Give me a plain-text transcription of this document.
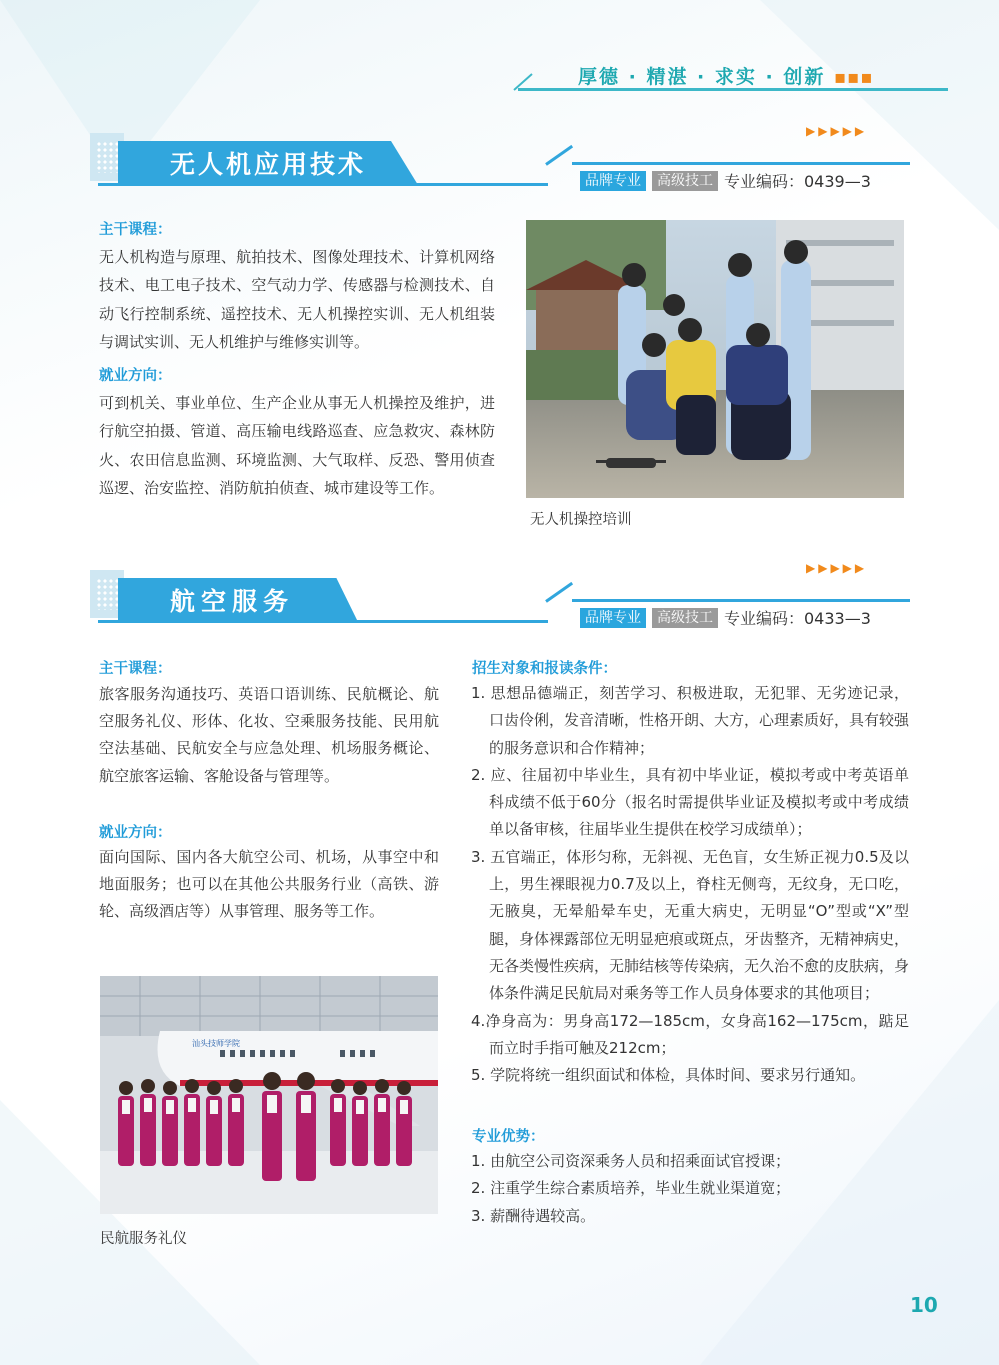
厚德 · 精湛 · 求实 · 创新 ▪▪▪
无人机应用技术
▶▶▶▶▶
品牌专业	高级技工 专业编码：0439—3
主干课程：
无人机构造与原理、航拍技术、图像处理技术、计算机网络技术、电工电子技术、空气动力学、传感器与检测技术、自动飞行控制系统、遥控技术、无人机操控实训、无人机组装与调试实训、无人机维护与维修实训等。
就业方向：
可到机关、事业单位、生产企业从事无人机操控及维护，进行航空拍摄、管道、高压输电线路巡查、应急救灾、森林防火、农田信息监测、环境监测、大气取样、反恐、警用侦查巡逻、治安监控、消防航拍侦查、城市建设等工作。
无人机操控培训
航空服务
▶▶▶▶▶
品牌专业	高级技工 专业编码：0433—3
主干课程：
旅客服务沟通技巧、英语口语训练、民航概论、航空服务礼仪、形体、化妆、空乘服务技能、民用航空法基础、民航安全与应急处理、机场服务概论、航空旅客运输、客舱设备与管理等。
就业方向：
面向国际、国内各大航空公司、机场，从事空中和地面服务；也可以在其他公共服务行业（高铁、游轮、高级酒店等）从事管理、服务等工作。
汕头技师学院
民航服务礼仪
招生对象和报读条件：
1. 思想品德端正，刻苦学习、积极进取，无犯罪、无劣迹记录，口齿伶俐，发音清晰，性格开朗、大方，心理素质好，具有较强的服务意识和合作精神；
2. 应、往届初中毕业生，具有初中毕业证，模拟考或中考英语单科成绩不低于60分（报名时需提供毕业证及模拟考或中考成绩单以备审核，往届毕业生提供在校学习成绩单）；
3. 五官端正，体形匀称，无斜视、无色盲，女生矫正视力0.5及以上，男生裸眼视力0.7及以上，脊柱无侧弯，无纹身，无口吃，无腋臭，无晕船晕车史，无重大病史，无明显“O”型或“X”型腿，身体裸露部位无明显疤痕或斑点，牙齿整齐，无精神病史，无各类慢性疾病，无肺结核等传染病，无久治不愈的皮肤病，身体条件满足民航局对乘务等工作人员身体要求的其他项目；
4.净身高为：男身高172—185cm，女身高162—175cm，踮足而立时手指可触及212cm；
5. 学院将统一组织面试和体检，具体时间、要求另行通知。
专业优势：
1. 由航空公司资深乘务人员和招乘面试官授课；
2. 注重学生综合素质培养，毕业生就业渠道宽；
3. 薪酬待遇较高。
10
